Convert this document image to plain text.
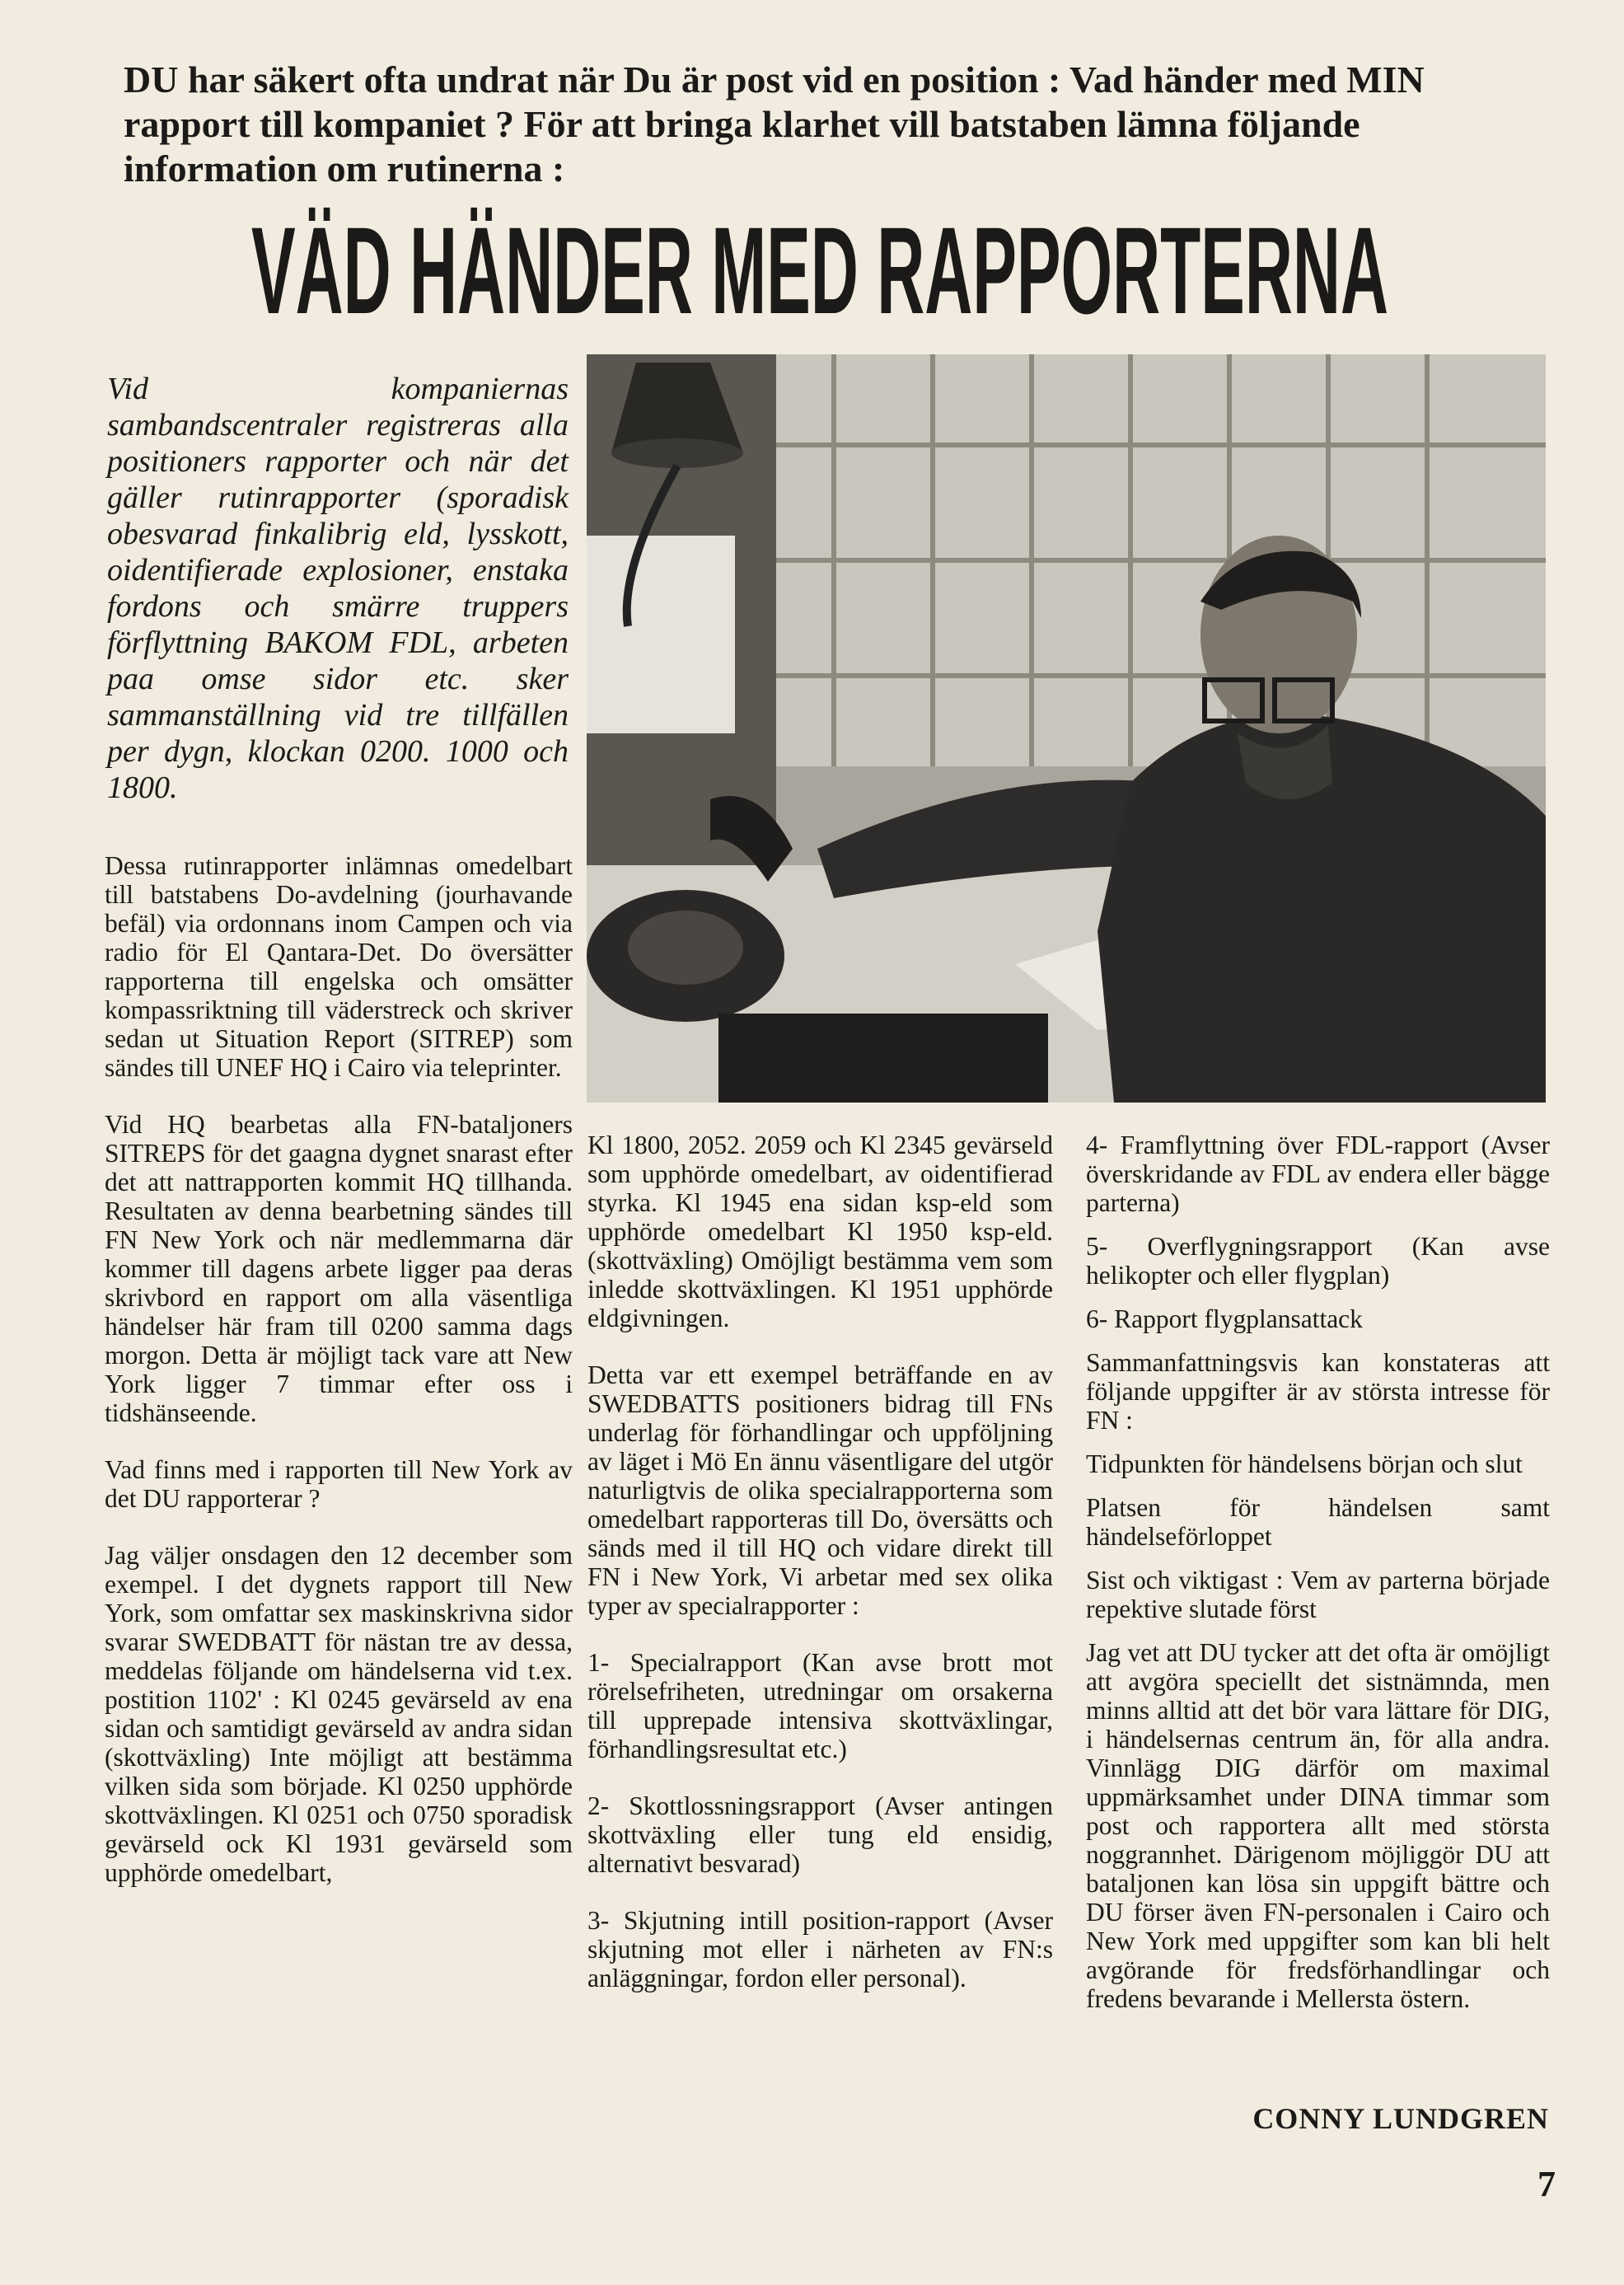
DU har säkert ofta undrat när Du är post vid en position : Vad händer med MIN rapport till kompaniet ? För att bringa klarhet vill batstaben lämna följande information om rutinerna :

VÄD HÄNDER MED RAPPORTERNA

Vid kompaniernas sambandscentraler registreras alla positioners rapporter och när det gäller rutinrapporter (sporadisk obesvarad finkalibrig eld, lysskott, oidentifierade explosioner, enstaka fordons och smärre truppers förflyttning BAKOM FDL, arbeten paa omse sidor etc. sker sammanställning vid tre tillfällen per dygn, klockan 0200. 1000 och 1800.

Dessa rutinrapporter inlämnas omedelbart till batstabens Do-avdelning (jourhavande befäl) via ordonnans inom Campen och via radio för El Qantara-Det. Do översätter rapporterna till engelska och omsätter kompassriktning till väderstreck och skriver sedan ut Situation Report (SITREP) som sändes till UNEF HQ i Cairo via teleprinter.

Vid HQ bearbetas alla FN-bataljoners SITREPS för det gaagna dygnet snarast efter det att nattrapporten kommit HQ tillhanda. Resultaten av denna bearbetning sändes till FN New York och när medlemmarna där kommer till dagens arbete ligger paa deras skrivbord en rapport om alla väsentliga händelser här fram till 0200 samma dags morgon. Detta är möjligt tack vare att New York ligger 7 timmar efter oss i tidshänseende.

Vad finns med i rapporten till New York av det DU rapporterar ?

Jag väljer onsdagen den 12 december som exempel. I det dygnets rapport till New York, som omfattar sex maskinskrivna sidor svarar SWEDBATT för nästan tre av dessa, meddelas följande om händelserna vid t.ex. postition 1102' : Kl 0245 gevärseld av ena sidan och samtidigt gevärseld av andra sidan (skottväxling) Inte möjligt att bestämma vilken sida som började. Kl 0250 upphörde skottväxlingen. Kl 0251 och 0750 sporadisk gevärseld ock Kl 1931 gevärseld som upphörde omedelbart,

Kl 1800, 2052. 2059 och Kl 2345 gevärseld som upphörde omedelbart, av oidentifierad styrka. Kl 1945 ena sidan ksp-eld som upphörde omedelbart Kl 1950 ksp-eld. (skottväxling) Omöjligt bestämma vem som inledde skottväxlingen. Kl 1951 upphörde eldgivningen.

Detta var ett exempel beträffande en av SWEDBATTS positioners bidrag till FNs underlag för förhandlingar och uppföljning av läget i Mö En ännu väsentligare del utgör naturligtvis de olika specialrapporterna som omedelbart rapporteras till Do, översätts och sänds med il till HQ och vidare direkt till FN i New York, Vi arbetar med sex olika typer av specialrapporter :

1- Specialrapport (Kan avse brott mot rörelsefriheten, utredningar om orsakerna till upprepade intensiva skottväxlingar, förhandlingsresultat etc.)

2- Skottlossningsrapport (Avser antingen skottväxling eller tung eld ensidig, alternativt besvarad)

3- Skjutning intill position-rapport (Avser skjutning mot eller i närheten av FN:s anläggningar, fordon eller personal).

4- Framflyttning över FDL-rapport (Avser överskridande av FDL av endera eller bägge parterna)

5- Overflygningsrapport (Kan avse helikopter och eller flygplan)

6- Rapport flygplansattack

Sammanfattningsvis kan konstateras att följande uppgifter är av största intresse för FN :

Tidpunkten för händelsens början och slut

Platsen för händelsen samt händelseförloppet

Sist och viktigast : Vem av parterna började repektive slutade först

Jag vet att DU tycker att det ofta är omöjligt att avgöra speciellt det sistnämnda, men minns alltid att det bör vara lättare för DIG, i händelsernas centrum än, för alla andra. Vinnlägg DIG därför om maximal uppmärksamhet under DINA timmar som post och rapportera allt med största noggrannhet. Därigenom möjliggör DU att bataljonen kan lösa sin uppgift bättre och DU förser även FN-personalen i Cairo och New York med uppgifter som kan bli helt avgörande för fredsförhandlingar och fredens bevarande i Mellersta östern.

CONNY LUNDGREN
7
